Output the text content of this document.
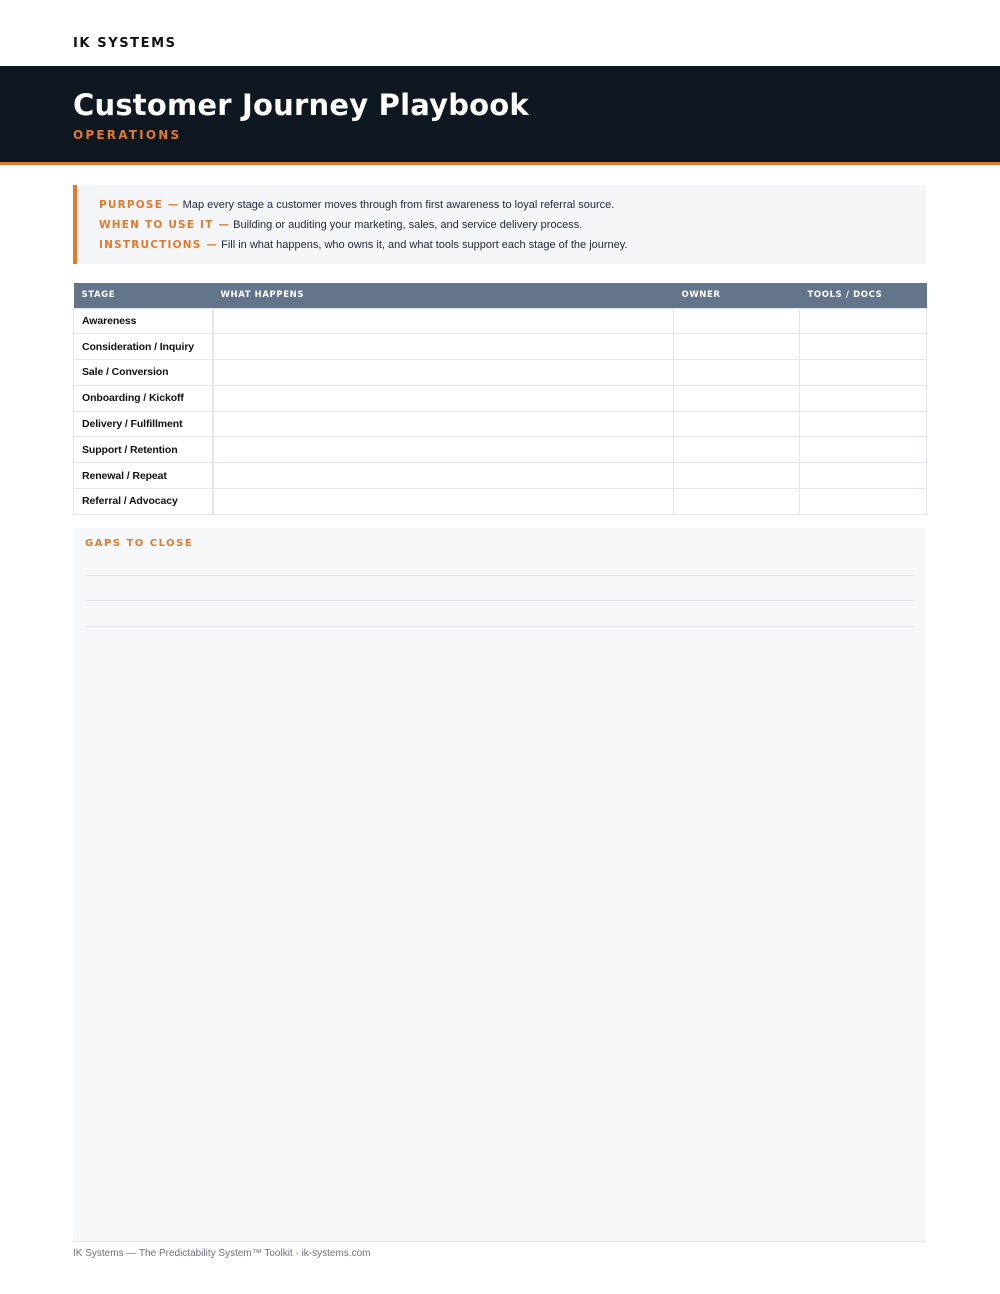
IK SYSTEMS
Customer Journey Playbook
OPERATIONS
PURPOSE — Map every stage a customer moves through from first awareness to loyal referral source.
WHEN TO USE IT — Building or auditing your marketing, sales, and service delivery process.
INSTRUCTIONS — Fill in what happens, who owns it, and what tools support each stage of the journey.
STAGE	WHAT HAPPENS	OWNER	TOOLS / DOCS
Awareness			
Consideration / Inquiry			
Sale / Conversion			
Onboarding / Kickoff			
Delivery / Fulfillment			
Support / Retention			
Renewal / Repeat			
Referral / Advocacy			
GAPS TO CLOSE
IK Systems — The Predictability System™ Toolkit · ik-systems.com
